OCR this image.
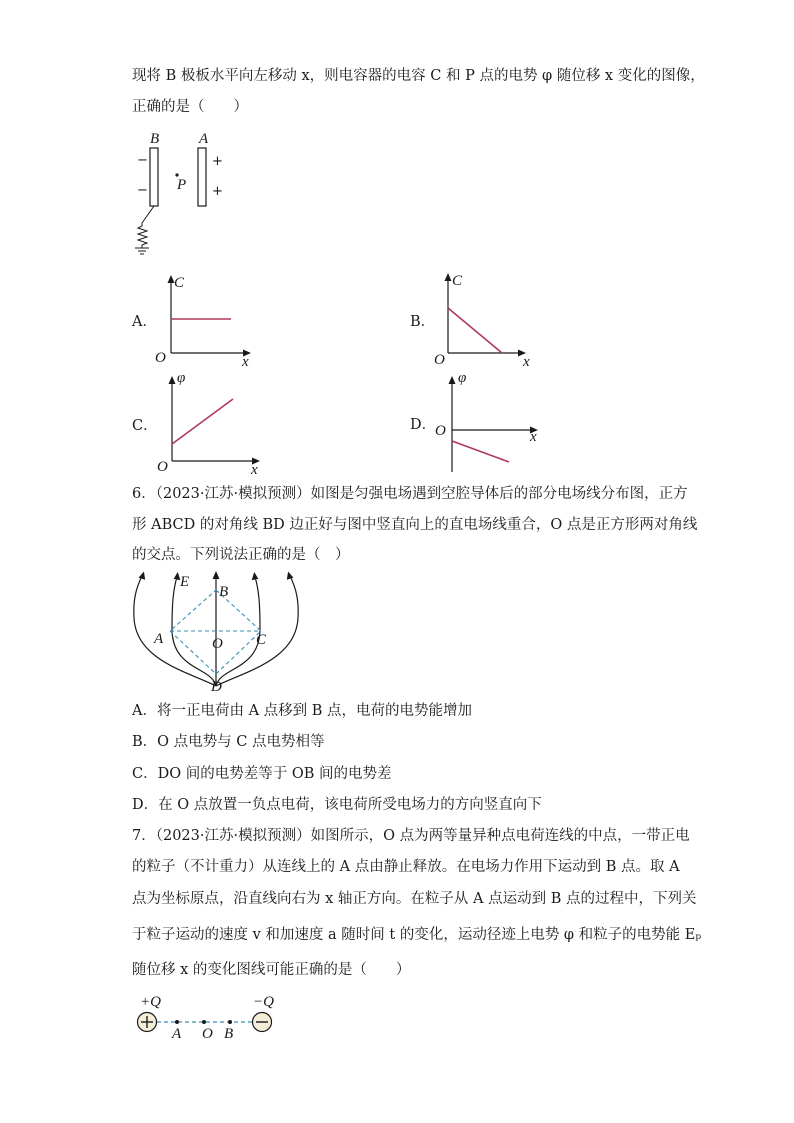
现将 B 极板水平向左移动 x，则电容器的电容 C 和 P 点的电势 φ 随位移 x 变化的图像，

正确的是（　　）

B	A
−
−
+
+
P
A．
C
O	x
B．
C
O	x
C．
φ
O	x
D．
φ
O	x

6．（2023·江苏·模拟预测）如图是匀强电场遇到空腔导体后的部分电场线分布图，正方

形 ABCD 的对角线 BD 边正好与图中竖直向上的直电场线重合，O 点是正方形两对角线

的交点。下列说法正确的是（　）

E
B
A	O C
D

A．将一正电荷由 A 点移到 B 点，电荷的电势能增加

B．O 点电势与 C 点电势相等

C．DO 间的电势差等于 OB 间的电势差

D．在 O 点放置一负点电荷，该电荷所受电场力的方向竖直向下

7．（2023·江苏·模拟预测）如图所示，O 点为两等量异种点电荷连线的中点，一带正电

的粒子（不计重力）从连线上的 A 点由静止释放。在电场力作用下运动到 B 点。取 A

点为坐标原点，沿直线向右为 x 轴正方向。在粒子从 A 点运动到 B 点的过程中，下列关

于粒子运动的速度 v 和加速度 a 随时间 t 的变化，运动径迹上电势 φ 和粒子的电势能 Eₚ

随位移 x 的变化图线可能正确的是（　　）

+Q	−Q
A O B
